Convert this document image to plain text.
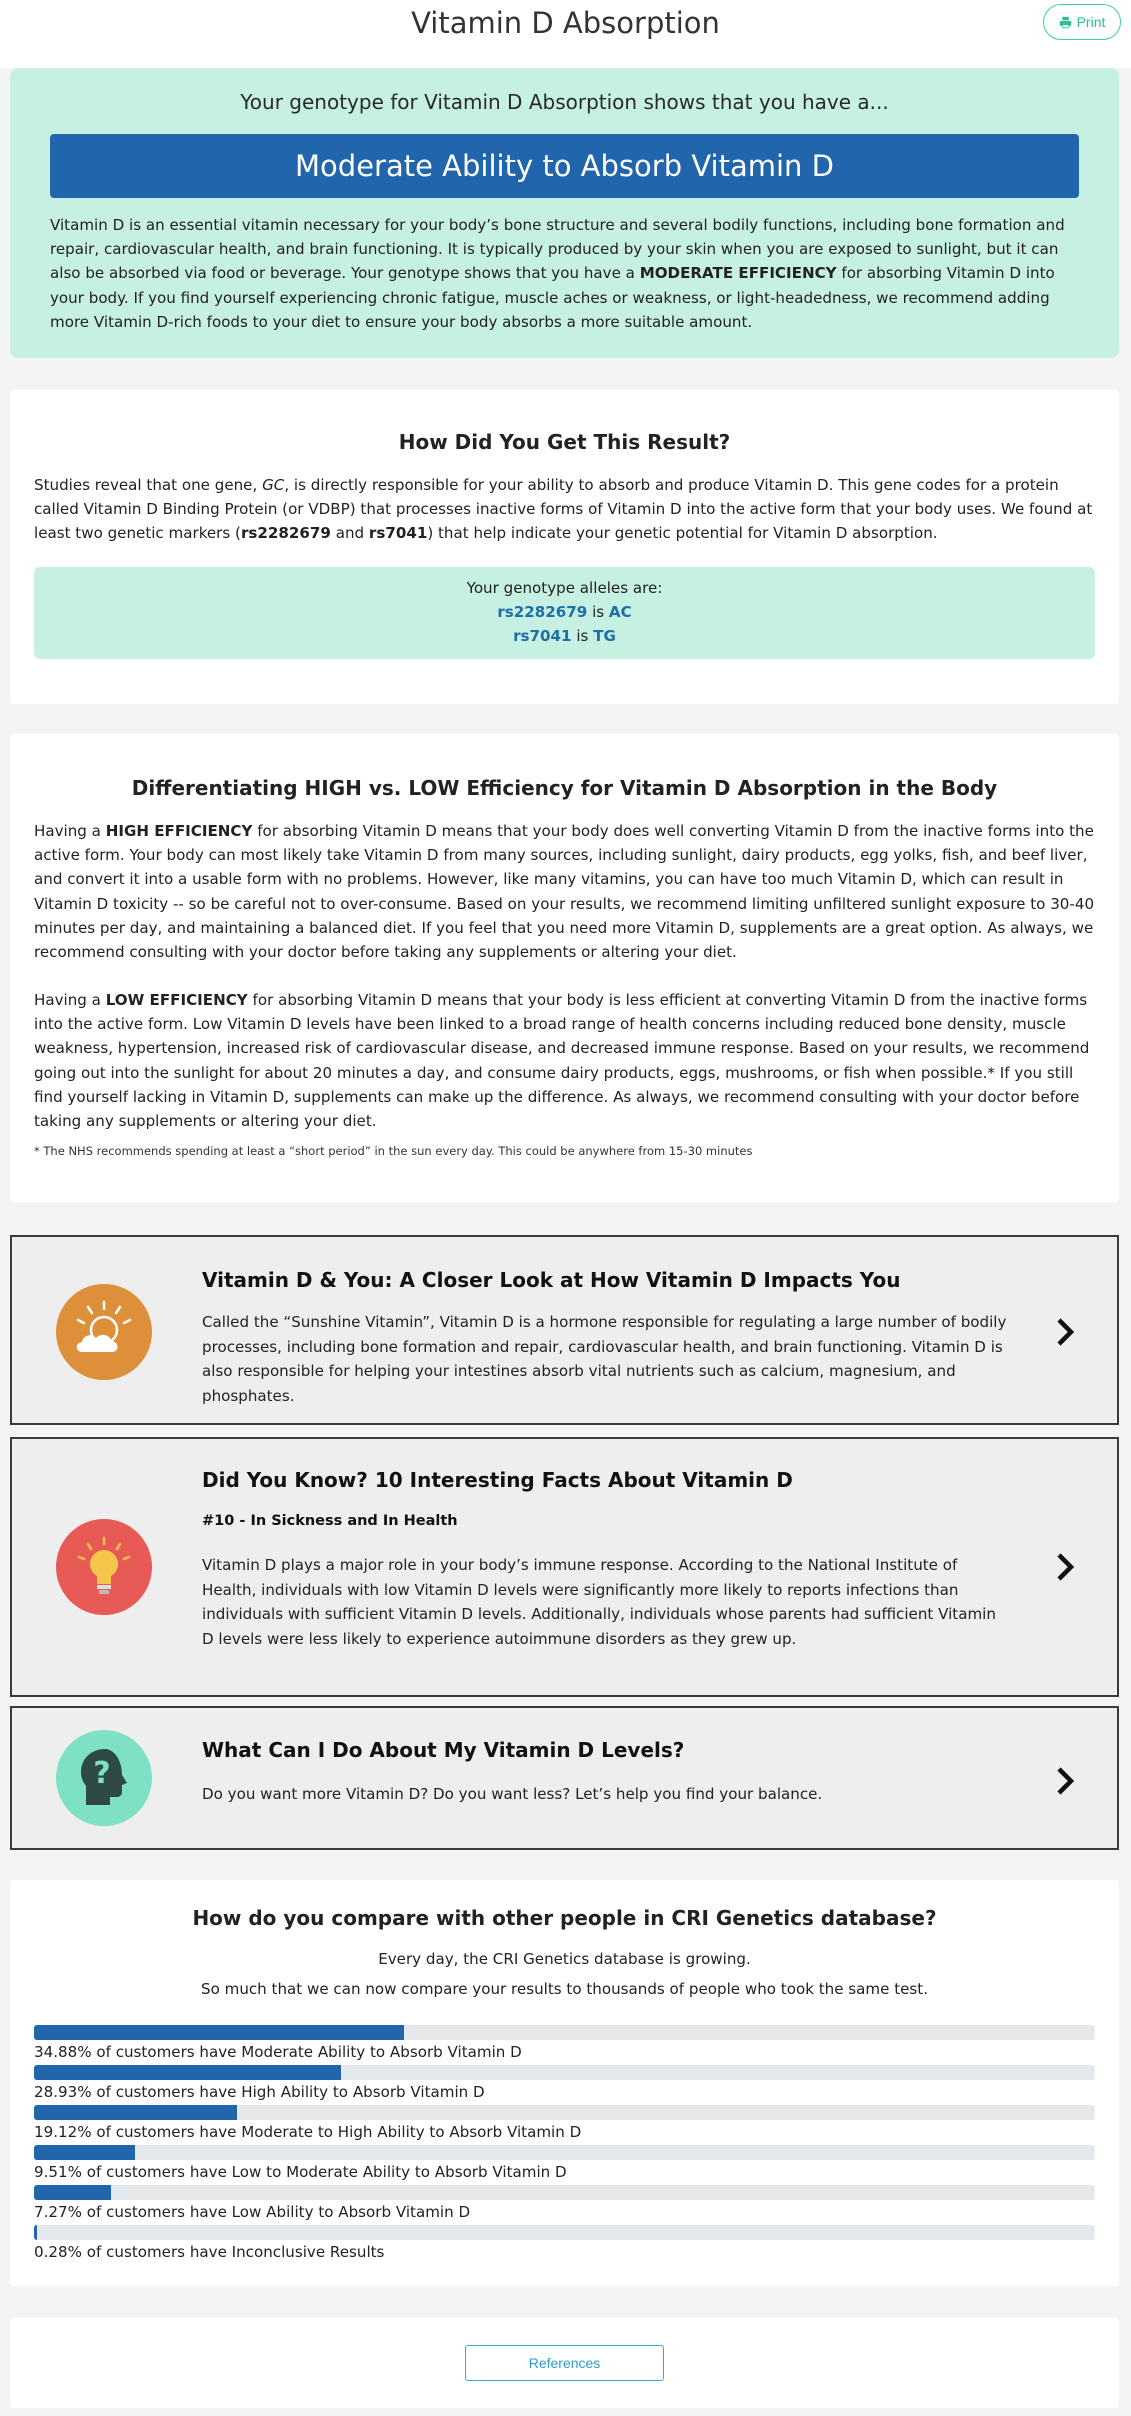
Vitamin D Absorption	Print
Your genotype for Vitamin D Absorption shows that you have a...
Moderate Ability to Absorb Vitamin D

Vitamin D is an essential vitamin necessary for your body’s bone structure and several bodily functions, including bone formation and repair, cardiovascular health, and brain functioning. It is typically produced by your skin when you are exposed to sunlight, but it can also be absorbed via food or beverage. Your genotype shows that you have a MODERATE EFFICIENCY for absorbing Vitamin D into your body. If you find yourself experiencing chronic fatigue, muscle aches or weakness, or light-headedness, we recommend adding more Vitamin D-rich foods to your diet to ensure your body absorbs a more suitable amount.

How Did You Get This Result?

Studies reveal that one gene, GC, is directly responsible for your ability to absorb and produce Vitamin D. This gene codes for a protein called Vitamin D Binding Protein (or VDBP) that processes inactive forms of Vitamin D into the active form that your body uses. We found at least two genetic markers (rs2282679 and rs7041) that help indicate your genetic potential for Vitamin D absorption.

Your genotype alleles are:
rs2282679 is AC
rs7041 is TG
Differentiating HIGH vs. LOW Efficiency for Vitamin D Absorption in the Body

Having a HIGH EFFICIENCY for absorbing Vitamin D means that your body does well converting Vitamin D from the inactive forms into the active form. Your body can most likely take Vitamin D from many sources, including sunlight, dairy products, egg yolks, fish, and beef liver, and convert it into a usable form with no problems. However, like many vitamins, you can have too much Vitamin D, which can result in Vitamin D toxicity -- so be careful not to over-consume. Based on your results, we recommend limiting unfiltered sunlight exposure to 30-40 minutes per day, and maintaining a balanced diet. If you feel that you need more Vitamin D, supplements are a great option. As always, we recommend consulting with your doctor before taking any supplements or altering your diet.

Having a LOW EFFICIENCY for absorbing Vitamin D means that your body is less efficient at converting Vitamin D from the inactive forms into the active form. Low Vitamin D levels have been linked to a broad range of health concerns including reduced bone density, muscle weakness, hypertension, increased risk of cardiovascular disease, and decreased immune response. Based on your results, we recommend going out into the sunlight for about 20 minutes a day, and consume dairy products, eggs, mushrooms, or fish when possible.* If you still find yourself lacking in Vitamin D, supplements can make up the difference. As always, we recommend consulting with your doctor before taking any supplements or altering your diet.

* The NHS recommends spending at least a “short period” in the sun every day. This could be anywhere from 15-30 minutes
Vitamin D & You: A Closer Look at How Vitamin D Impacts You
Called the “Sunshine Vitamin”, Vitamin D is a hormone responsible for regulating a large number of bodily processes, including bone formation and repair, cardiovascular health, and brain functioning. Vitamin D is also responsible for helping your intestines absorb vital nutrients such as calcium, magnesium, and phosphates.
Did You Know? 10 Interesting Facts About Vitamin D
#10 - In Sickness and In Health
Vitamin D plays a major role in your body’s immune response. According to the National Institute of Health, individuals with low Vitamin D levels were significantly more likely to reports infections than individuals with sufficient Vitamin D levels. Additionally, individuals whose parents had sufficient Vitamin D levels were less likely to experience autoimmune disorders as they grew up.
?
What Can I Do About My Vitamin D Levels?
Do you want more Vitamin D? Do you want less? Let’s help you find your balance.
How do you compare with other people in CRI Genetics database?
Every day, the CRI Genetics database is growing.
So much that we can now compare your results to thousands of people who took the same test.
34.88% of customers have Moderate Ability to Absorb Vitamin D
28.93% of customers have High Ability to Absorb Vitamin D
19.12% of customers have Moderate to High Ability to Absorb Vitamin D
9.51% of customers have Low to Moderate Ability to Absorb Vitamin D
7.27% of customers have Low Ability to Absorb Vitamin D
0.28% of customers have Inconclusive Results
References
